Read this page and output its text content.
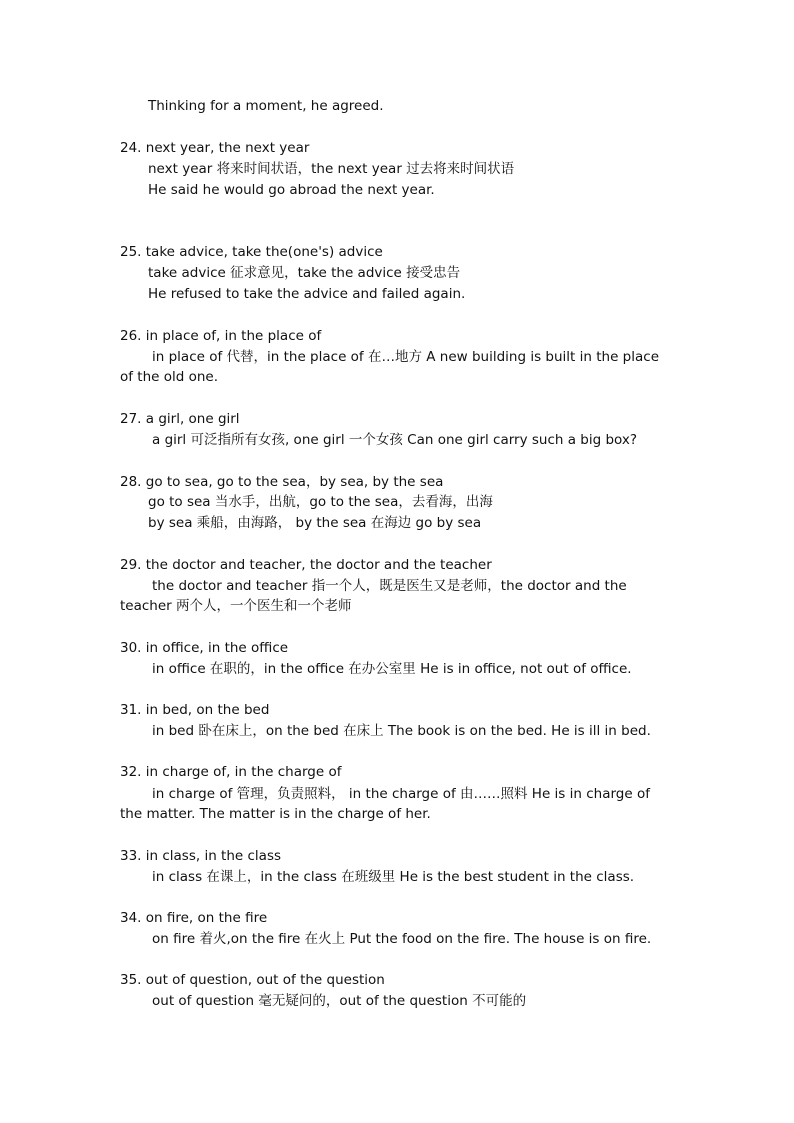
Thinking for a moment, he agreed.
24. next year, the next year
next year 将来时间状语，the next year 过去将来时间状语
He said he would go abroad the next year.
25. take advice, take the(one's) advice
take advice 征求意见，take the advice 接受忠告
He refused to take the advice and failed again.
26. in place of, in the place of
in place of 代替，in the place of 在…地方 A new building is built in the place of the old one.
27. a girl, one girl
a girl 可泛指所有女孩, one girl 一个女孩 Can one girl carry such a big box?
28. go to sea, go to the sea，by sea, by the sea
go to sea 当水手，出航，go to the sea，去看海，出海
by sea 乘船，由海路， by the sea 在海边 go by sea
29. the doctor and teacher, the doctor and the teacher
the doctor and teacher 指一个人，既是医生又是老师，the doctor and the teacher 两个人，一个医生和一个老师
30. in office, in the office
in office 在职的，in the office 在办公室里 He is in office, not out of office.
31. in bed, on the bed
in bed 卧在床上，on the bed 在床上 The book is on the bed. He is ill in bed.
32. in charge of, in the charge of
in charge of 管理，负责照料， in the charge of 由……照料 He is in charge of the matter. The matter is in the charge of her.
33. in class, in the class
in class 在课上，in the class 在班级里 He is the best student in the class.
34. on fire, on the fire
on fire 着火,on the fire 在火上 Put the food on the fire. The house is on fire.
35. out of question, out of the question
out of question 毫无疑问的，out of the question 不可能的
